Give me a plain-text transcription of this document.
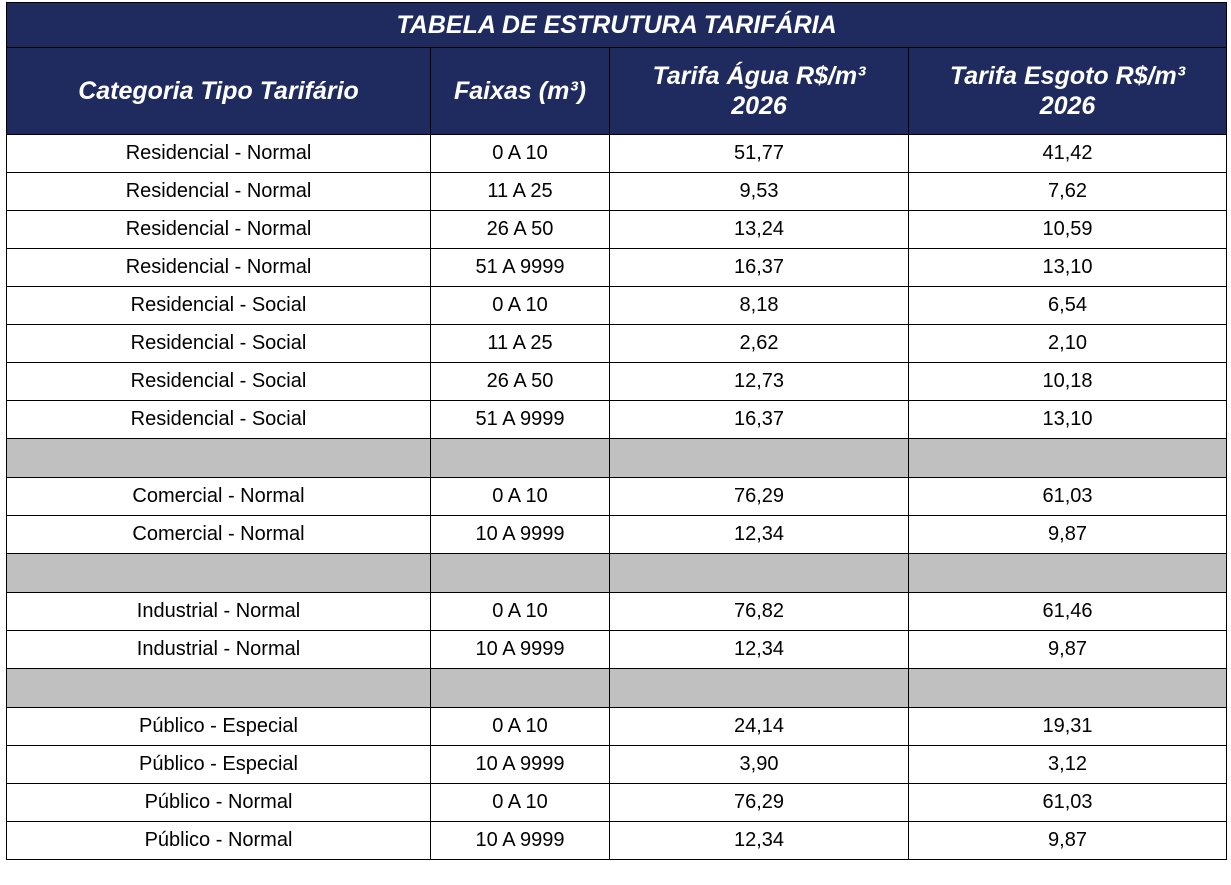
TABELA DE ESTRUTURA TARIFÁRIA			
Categoria Tipo Tarifário	Faixas (m³)	Tarifa Água R$/m³ 2026	Tarifa Esgoto R$/m³ 2026
Residencial - Normal	0 A 10	51,77	41,42
Residencial - Normal	11 A 25	9,53	7,62
Residencial - Normal	26 A 50	13,24	10,59
Residencial - Normal	51 A 9999	16,37	13,10
Residencial - Social	0 A 10	8,18	6,54
Residencial - Social	11 A 25	2,62	2,10
Residencial - Social	26 A 50	12,73	10,18
Residencial - Social	51 A 9999	16,37	13,10

Comercial - Normal	0 A 10	76,29	61,03
Comercial - Normal	10 A 9999	12,34	9,87

Industrial - Normal	0 A 10	76,82	61,46
Industrial - Normal	10 A 9999	12,34	9,87

Público - Especial	0 A 10	24,14	19,31
Público - Especial	10 A 9999	3,90	3,12
Público - Normal	0 A 10	76,29	61,03
Público - Normal	10 A 9999	12,34	9,87
